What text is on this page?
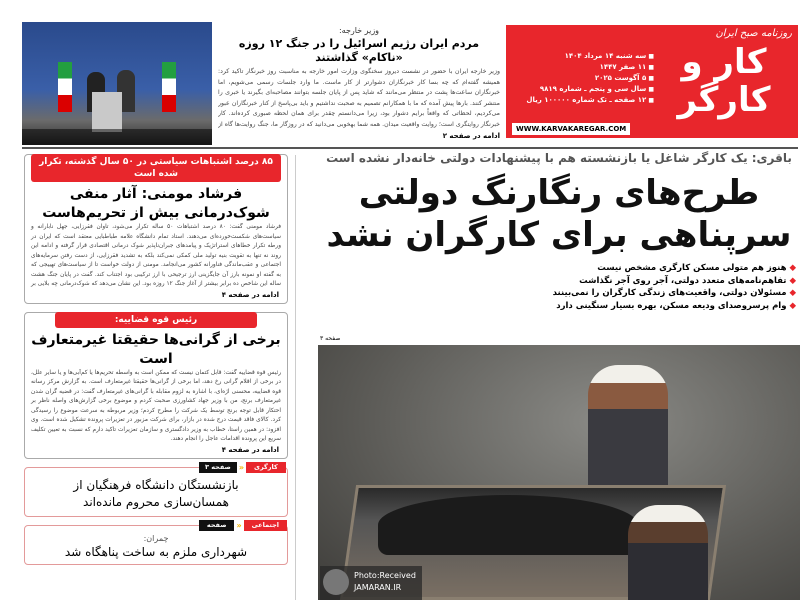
وزیر خارجه:
مردم ایران رژیم اسرائیل را در جنگ ۱۲ روزه «ناکام» گذاشتند

وزیر خارجه ایران با حضور در نشست دیروز سخنگوی وزارت امور خارجه به مناسبت روز خبرنگار تاکید کرد: همیشه گفته‌ام که چه بسا کار خبرنگاران دشوارتر از کار ماست. ما وارد جلسات رسمی می‌شویم، اما خبرنگاران ساعت‌ها پشت در منتظر می‌مانند که شاید پس از پایان جلسه بتوانند مصاحبه‌ای بگیرند یا خبری را منتشر کنند. بارها پیش آمده که ما با همکارانم تصمیم به صحبت نداشتیم و باید بی‌پاسخ از کنار خبرنگاران عبور می‌کردیم، لحظاتی که واقعاً برایم دشوار بود، زیرا می‌دانستم چقدر برای همان لحظه صبوری کرده‌اند. کار خبرنگار روایتگری است؛ روایت واقعیت میدان. همه شما بهخوبی می‌دانید که در روزگار ما، جنگ روایت‌ها گاه از

ادامه در صفحه ۲
روزنامه صبح ایران
کار و
کارگر
■ سه شنبه ۱۴ مرداد ۱۴۰۴
■ ۱۱ صفر ۱۴۴۷
■ ۵ آگوست ۲۰۲۵
■ سال سی و پنجم ـ شماره ۹۸۱۹
■ ۱۲ صفحه ـ تک شماره ۱۰۰۰۰۰ ریال
WWW.KARVAKAREGAR.COM
۸۵ درصد اشتباهات سیاستی در ۵۰ سال گذشته، تکرار شده است
فرشاد مومنی: آثار منفی شوک‌درمانی بیش از تحریم‌هاست

فرشاد مومنی گفت: ۸۰ درصد اشتباهات ۵۰ ساله تکرار می‌شود، تاوان فقرزایی، جهل نابارانه و سیاست‌های شکست‌خورده‌ای می‌دهند. استاد تمام دانشگاه علامه طباطبایی معتقد است که ایران در ورطه تکرار خطاهای استراتژیک و پیامدهای جبران‌ناپذیر شوک درمانی اقتصادی قرار گرفته و ادامه این روند نه تنها به تقویت بنیه تولید ملی کمکی نمی‌کند بلکه به تشدید فقرزایی، از دست رفتن سرمایه‌های اجتماعی و عقب‌ماندگی فناورانه کشور می‌انجامد. مومنی از دولت خواست تا از سیاست‌های تهییجی که به گفته او نمونه بارز آن جایگزینی ارز ترجیحی با ارز ترکیبی بود اجتناب کند. گفت در پایان جنگ هشت ساله این شاخص ده برابر بیشتر از آغاز جنگ ۱۲ روزه بود. این نشان می‌دهد که شوک‌درمانی چه بلایی بر

ادامه در صفحه ۴
رئیس قوه قضاییه:
برخی از گرانی‌ها حقیقتا غیرمتعارف است

رئیس قوه قضاییه گفت: قابل کتمان نیست که ممکن است به واسطه تحریم‌ها یا کم‌آبی‌ها و یا سایر علل، در برخی از اقلام گرانی رخ دهد، اما برخی از گرانی‌ها حقیقتا غیرمتعارف است. به گزارش مرکز رسانه قوه قضاییه، محسنی اژه‌ای، با اشاره به لزوم مقابله با گرانی‌های غیرمتعارف گفت: در قضیه گران شدن غیرمتعارف برنج، من با وزیر جهاد کشاورزی صحبت کردم و موضوع برخی گزارش‌های واصله ناظر بر احتکار قابل توجه برنج توسط یک شرکت را مطرح کردم؛ وزیر مربوطه به سرعت موضوع را رسیدگی کرد. کالای فاقد قیمت درج شده در بازار، برای شرکت مزبور در تعزیرات پرونده تشکیل شده است. وی افزود: در همین راستا، خطاب به وزیر دادگستری و سازمان تعزیرات تاکید دارم که نسبت به تعیین تکلیف سریع این پرونده اقدامات عاجل را انجام دهند.

ادامه در صفحه ۴
کارگری
«
صفحه ۳
بازنشستگان دانشگاه فرهنگیان از همسان‌سازی محروم مانده‌اند
اجتماعی
«
صفحه ۸
چمران:
شهرداری ملزم به ساخت پناهگاه شد
باقری: یک کارگر شاغل یا بازنشسته هم با پیشنهادات دولتی خانه‌دار نشده است
طرح‌های رنگارنگ دولتی
سرپناهی برای کارگران نشد
◆ هنوز هم متولی مسکن کارگری مشخص نیست
◆ تفاهم‌نامه‌های متعدد دولتی، آجر روی آجر نگذاشت
◆ مسئولان دولتی، واقعیت‌های زندگی کارگران را نمی‌بینند
◆ وام پرسروصدای ودیعه مسکن، بهره بسیار سنگینی دارد
صفحه ۳
Photo:Received
JAMARAN.IR
